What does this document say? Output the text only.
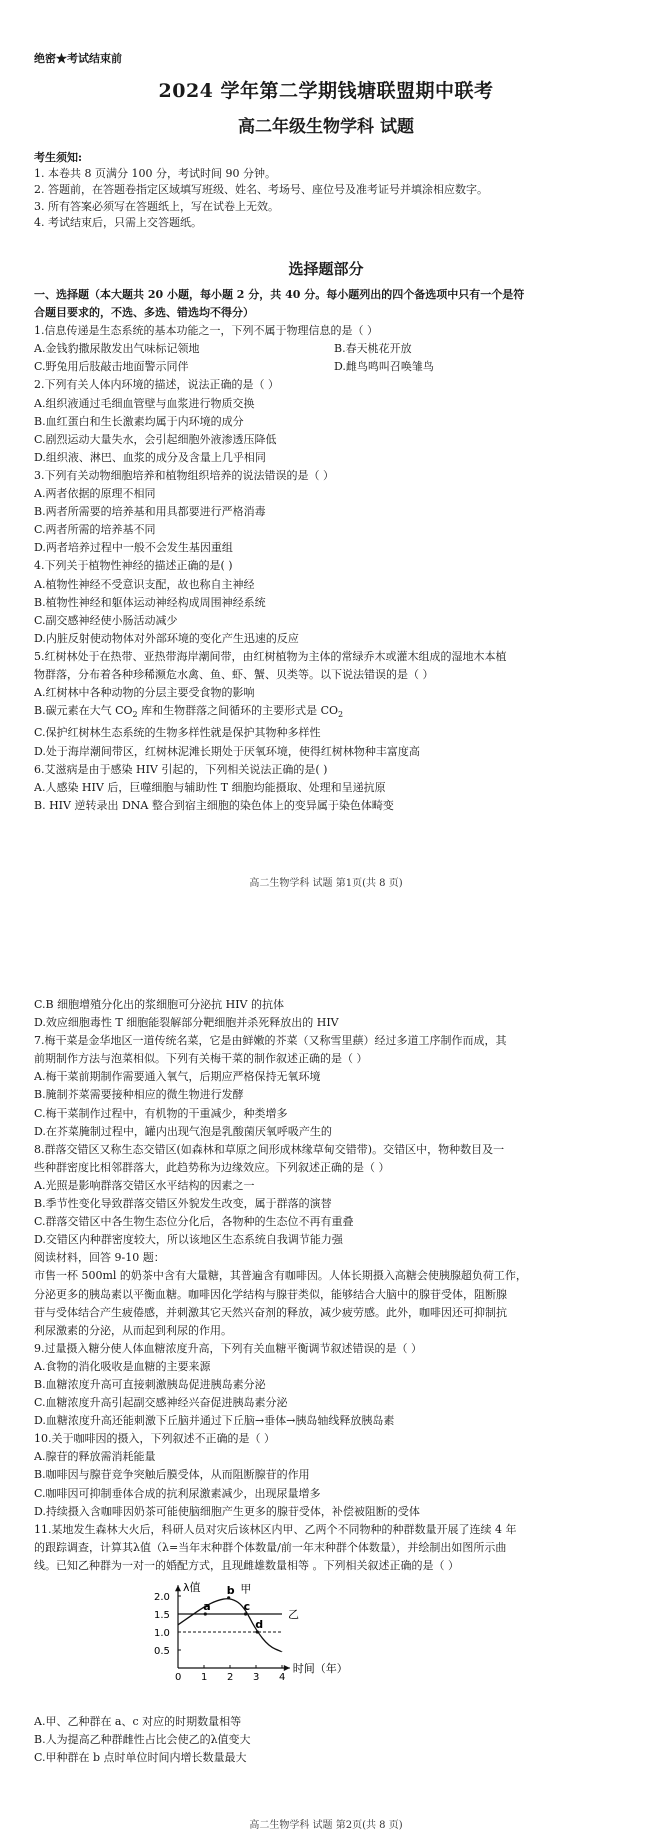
绝密★考试结束前
2024 学年第二学期钱塘联盟期中联考
高二年级生物学科 试题
考生须知:
1. 本卷共 8 页满分 100 分，考试时间 90 分钟。
2. 答题前，在答题卷指定区域填写班级、姓名、考场号、座位号及准考证号并填涂相应数字。
3. 所有答案必须写在答题纸上，写在试卷上无效。
4. 考试结束后，只需上交答题纸。
选择题部分
一、选择题（本大题共 20 小题，每小题 2 分，共 40 分。每小题列出的四个备选项中只有一个是符
合题目要求的，不选、多选、错选均不得分）
1.信息传递是生态系统的基本功能之一，下列不属于物理信息的是（ ）
A.金钱豹撒尿散发出气味标记领地	B.春天桃花开放
C.野兔用后肢敲击地面警示同伴	D.雌鸟鸣叫召唤雏鸟
2.下列有关人体内环境的描述，说法正确的是（ ）
A.组织液通过毛细血管壁与血浆进行物质交换
B.血红蛋白和生长激素均属于内环境的成分
C.剧烈运动大量失水，会引起细胞外液渗透压降低
D.组织液、淋巴、血浆的成分及含量上几乎相同
3.下列有关动物细胞培养和植物组织培养的说法错误的是（ ）
A.两者依据的原理不相同
B.两者所需要的培养基和用具都要进行严格消毒
C.两者所需的培养基不同
D.两者培养过程中一般不会发生基因重组
4.下列关于植物性神经的描述正确的是( )
A.植物性神经不受意识支配，故也称自主神经
B.植物性神经和躯体运动神经构成周围神经系统
C.副交感神经使小肠活动减少
D.内脏反射使动物体对外部环境的变化产生迅速的反应
5.红树林处于在热带、亚热带海岸潮间带，由红树植物为主体的常绿乔木或灌木组成的湿地木本植
物群落，分布着各种珍稀濒危水禽、鱼、虾、蟹、贝类等。以下说法错误的是（ ）
A.红树林中各种动物的分层主要受食物的影响
B.碳元素在大气 $CO_2$ 库和生物群落之间循环的主要形式是 $CO_2$
C.保护红树林生态系统的生物多样性就是保护其物种多样性
D.处于海岸潮间带区，红树林泥滩长期处于厌氧环境，使得红树林物种丰富度高
6.艾滋病是由于感染 HIV 引起的，下列相关说法正确的是( )
A.人感染 HIV 后，巨噬细胞与辅助性 T 细胞均能摄取、处理和呈递抗原
B. HIV 逆转录出 DNA 整合到宿主细胞的染色体上的变异属于染色体畸变
高二生物学科 试题 第1页(共 8 页)
C.B 细胞增殖分化出的浆细胞可分泌抗 HIV 的抗体
D.效应细胞毒性 T 细胞能裂解部分靶细胞并杀死释放出的 HIV
7.梅干菜是金华地区一道传统名菜，它是由鲜嫩的芥菜（又称雪里蕻）经过多道工序制作而成，其
前期制作方法与泡菜相似。下列有关梅干菜的制作叙述正确的是（ ）
A.梅干菜前期制作需要通入氧气，后期应严格保持无氧环境
B.腌制芥菜需要接种相应的微生物进行发酵
C.梅干菜制作过程中，有机物的干重减少，种类增多
D.在芥菜腌制过程中，罐内出现气泡是乳酸菌厌氧呼吸产生的
8.群落交错区又称生态交错区(如森林和草原之间形成林缘草甸交错带)。交错区中，物种数目及一
些种群密度比相邻群落大，此趋势称为边缘效应。下列叙述正确的是（ ）
A.光照是影响群落交错区水平结构的因素之一
B.季节性变化导致群落交错区外貌发生改变，属于群落的演替
C.群落交错区中各生物生态位分化后，各物种的生态位不再有重叠
D.交错区内种群密度较大，所以该地区生态系统自我调节能力强
阅读材料，回答 9-10 题：
市售一杯 500ml 的奶茶中含有大量糖，其普遍含有咖啡因。人体长期摄入高糖会使胰腺超负荷工作，
分泌更多的胰岛素以平衡血糖。咖啡因化学结构与腺苷类似，能够结合大脑中的腺苷受体，阻断腺
苷与受体结合产生疲倦感，并刺激其它天然兴奋剂的释放，减少疲劳感。此外，咖啡因还可抑制抗
利尿激素的分泌，从而起到利尿的作用。
9.过量摄入糖分使人体血糖浓度升高，下列有关血糖平衡调节叙述错误的是（ ）
A.食物的消化吸收是血糖的主要来源
B.血糖浓度升高可直接刺激胰岛促进胰岛素分泌
C.血糖浓度升高引起副交感神经兴奋促进胰岛素分泌
D.血糖浓度升高还能刺激下丘脑并通过下丘脑→垂体→胰岛轴线释放胰岛素
10.关于咖啡因的摄入，下列叙述不正确的是（ ）
A.腺苷的释放需消耗能量
B.咖啡因与腺苷竞争突触后膜受体，从而阻断腺苷的作用
C.咖啡因可抑制垂体合成的抗利尿激素减少，出现尿量增多
D.持续摄入含咖啡因奶茶可能使脑细胞产生更多的腺苷受体，补偿被阻断的受体
11.某地发生森林大火后，科研人员对灾后该林区内甲、乙两个不同物种的种群数量开展了连续 4 年
的跟踪调查，计算其λ值（λ=当年末种群个体数量/前一年末种群个体数量），并绘制出如图所示曲
线。已知乙种群为一对一的婚配方式，且现雌雄数量相等 。下列相关叙述正确的是（ ）
A.甲、乙种群在 a、c 对应的时期数量相等
B.人为提高乙种群雌性占比会使乙的λ值变大
C.甲种群在 b 点时单位时间内增长数量最大
λ值
时间（年）
0 1 2 3 4
0.5
1.0
1.5
2.0
甲
乙
a
b
c
d
高二生物学科 试题 第2页(共 8 页)
